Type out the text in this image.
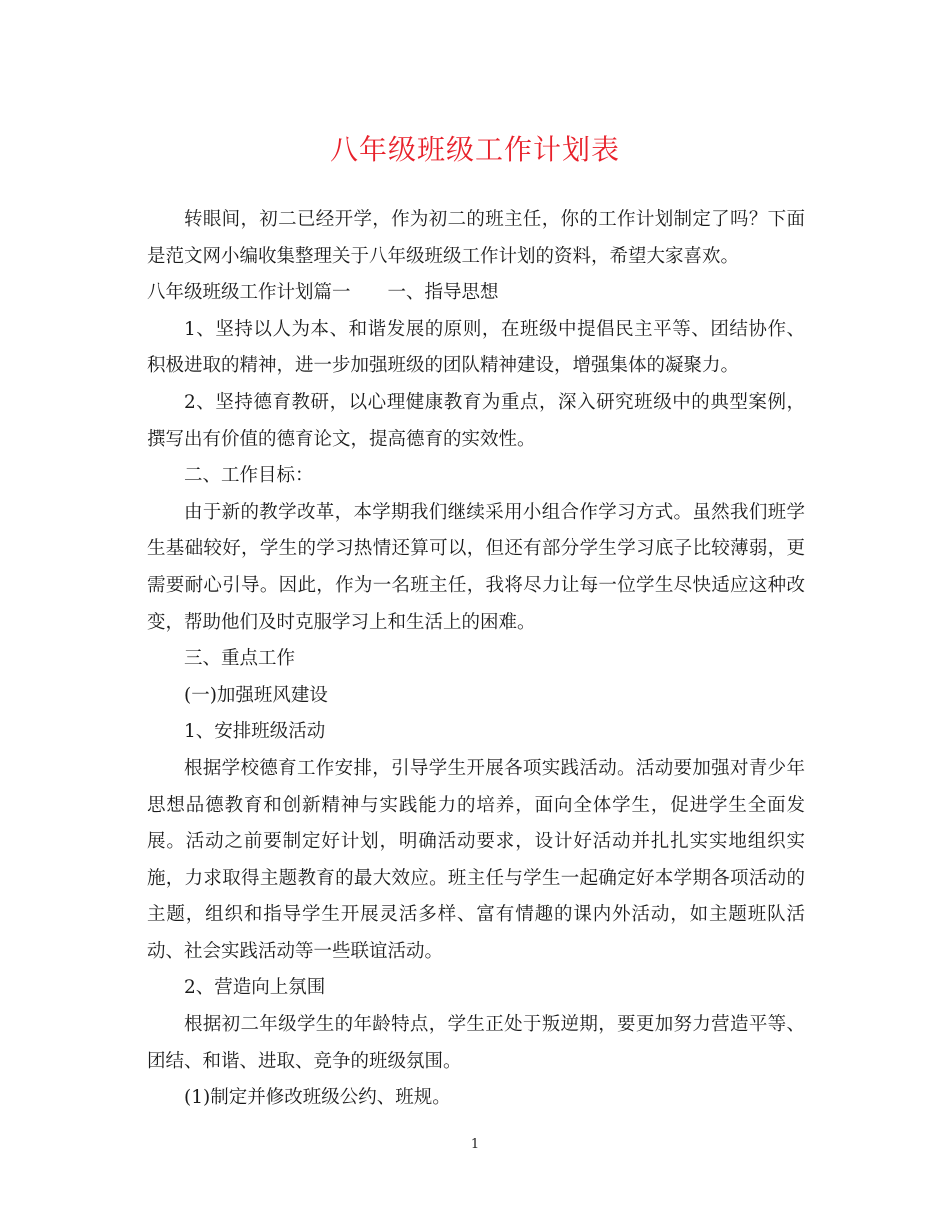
八年级班级工作计划表

转眼间，初二已经开学，作为初二的班主任，你的工作计划制定了吗？下面是范文网小编收集整理关于八年级班级工作计划的资料，希望大家喜欢。

八年级班级工作计划篇一　　一、指导思想

1、坚持以人为本、和谐发展的原则，在班级中提倡民主平等、团结协作、积极进取的精神，进一步加强班级的团队精神建设，增强集体的凝聚力。

2、坚持德育教研，以心理健康教育为重点，深入研究班级中的典型案例，撰写出有价值的德育论文，提高德育的实效性。

二、工作目标：

由于新的教学改革，本学期我们继续采用小组合作学习方式。虽然我们班学生基础较好，学生的学习热情还算可以，但还有部分学生学习底子比较薄弱，更需要耐心引导。因此，作为一名班主任，我将尽力让每一位学生尽快适应这种改变，帮助他们及时克服学习上和生活上的困难。

三、重点工作

(一)加强班风建设

1、安排班级活动

根据学校德育工作安排，引导学生开展各项实践活动。活动要加强对青少年思想品德教育和创新精神与实践能力的培养，面向全体学生，促进学生全面发展。活动之前要制定好计划，明确活动要求，设计好活动并扎扎实实地组织实施，力求取得主题教育的最大效应。班主任与学生一起确定好本学期各项活动的主题，组织和指导学生开展灵活多样、富有情趣的课内外活动，如主题班队活动、社会实践活动等一些联谊活动。

2、营造向上氛围

根据初二年级学生的年龄特点，学生正处于叛逆期，要更加努力营造平等、团结、和谐、进取、竞争的班级氛围。

(1)制定并修改班级公约、班规。

1
